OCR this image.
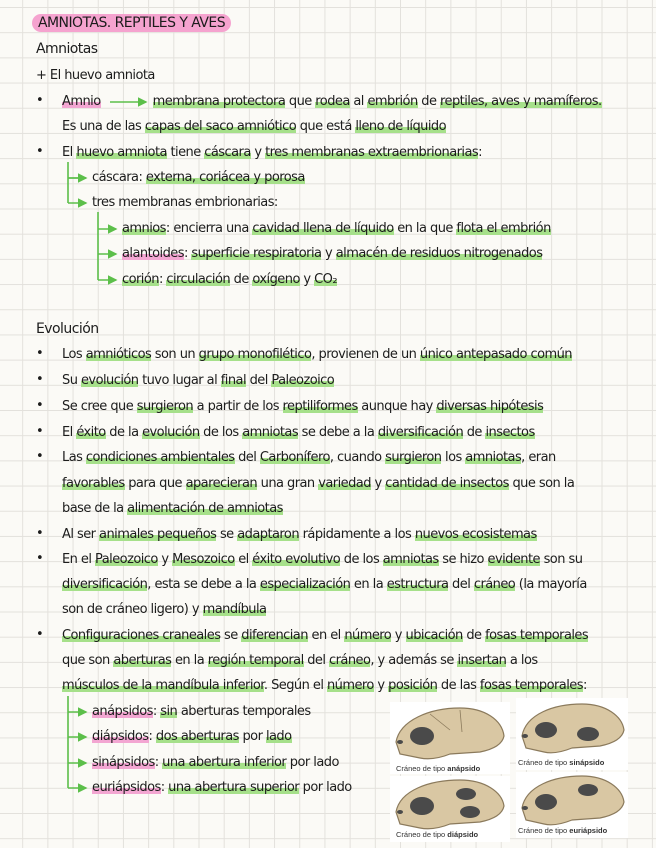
AMNIOTAS. REPTILES Y AVES
Amniotas
+ El huevo amniota
• Amnio	membrana protectora que rodea al embrión de reptiles, aves y mamíferos.
Es una de las capas del saco amniótico que está lleno de líquido
• El huevo amniota tiene cáscara y tres membranas extraembrionarias:
cáscara: externa, coriácea y porosa
tres membranas embrionarias:
amnios: encierra una cavidad llena de líquido en la que flota el embrión
alantoides: superficie respiratoria y almacén de residuos nitrogenados
corión: circulación de oxígeno y CO₂
Evolución
• Los amnióticos son un grupo monofilético, provienen de un único antepasado común
• Su evolución tuvo lugar al final del Paleozoico
• Se cree que surgieron a partir de los reptiliformes aunque hay diversas hipótesis
• El éxito de la evolución de los amniotas se debe a la diversificación de insectos
• Las condiciones ambientales del Carbonífero, cuando surgieron los amniotas, eran
favorables para que aparecieran una gran variedad y cantidad de insectos que son la
base de la alimentación de amniotas
• Al ser animales pequeños se adaptaron rápidamente a los nuevos ecosistemas
• En el Paleozoico y Mesozoico el éxito evolutivo de los amniotas se hizo evidente son su
diversificación, esta se debe a la especialización en la estructura del cráneo (la mayoría
son de cráneo ligero) y mandíbula
• Configuraciones craneales se diferencian en el número y ubicación de fosas temporales
que son aberturas en la región temporal del cráneo, y además se insertan a los
músculos de la mandíbula inferior. Según el número y posición de las fosas temporales:
anápsidos: sin aberturas temporales
diápsidos: dos aberturas por lado
sinápsidos: una abertura inferior por lado
euriápsidos: una abertura superior por lado
Cráneo de tipo anápsido
Cráneo de tipo sinápsido
Cráneo de tipo diápsido	Cráneo de tipo euriápsido
